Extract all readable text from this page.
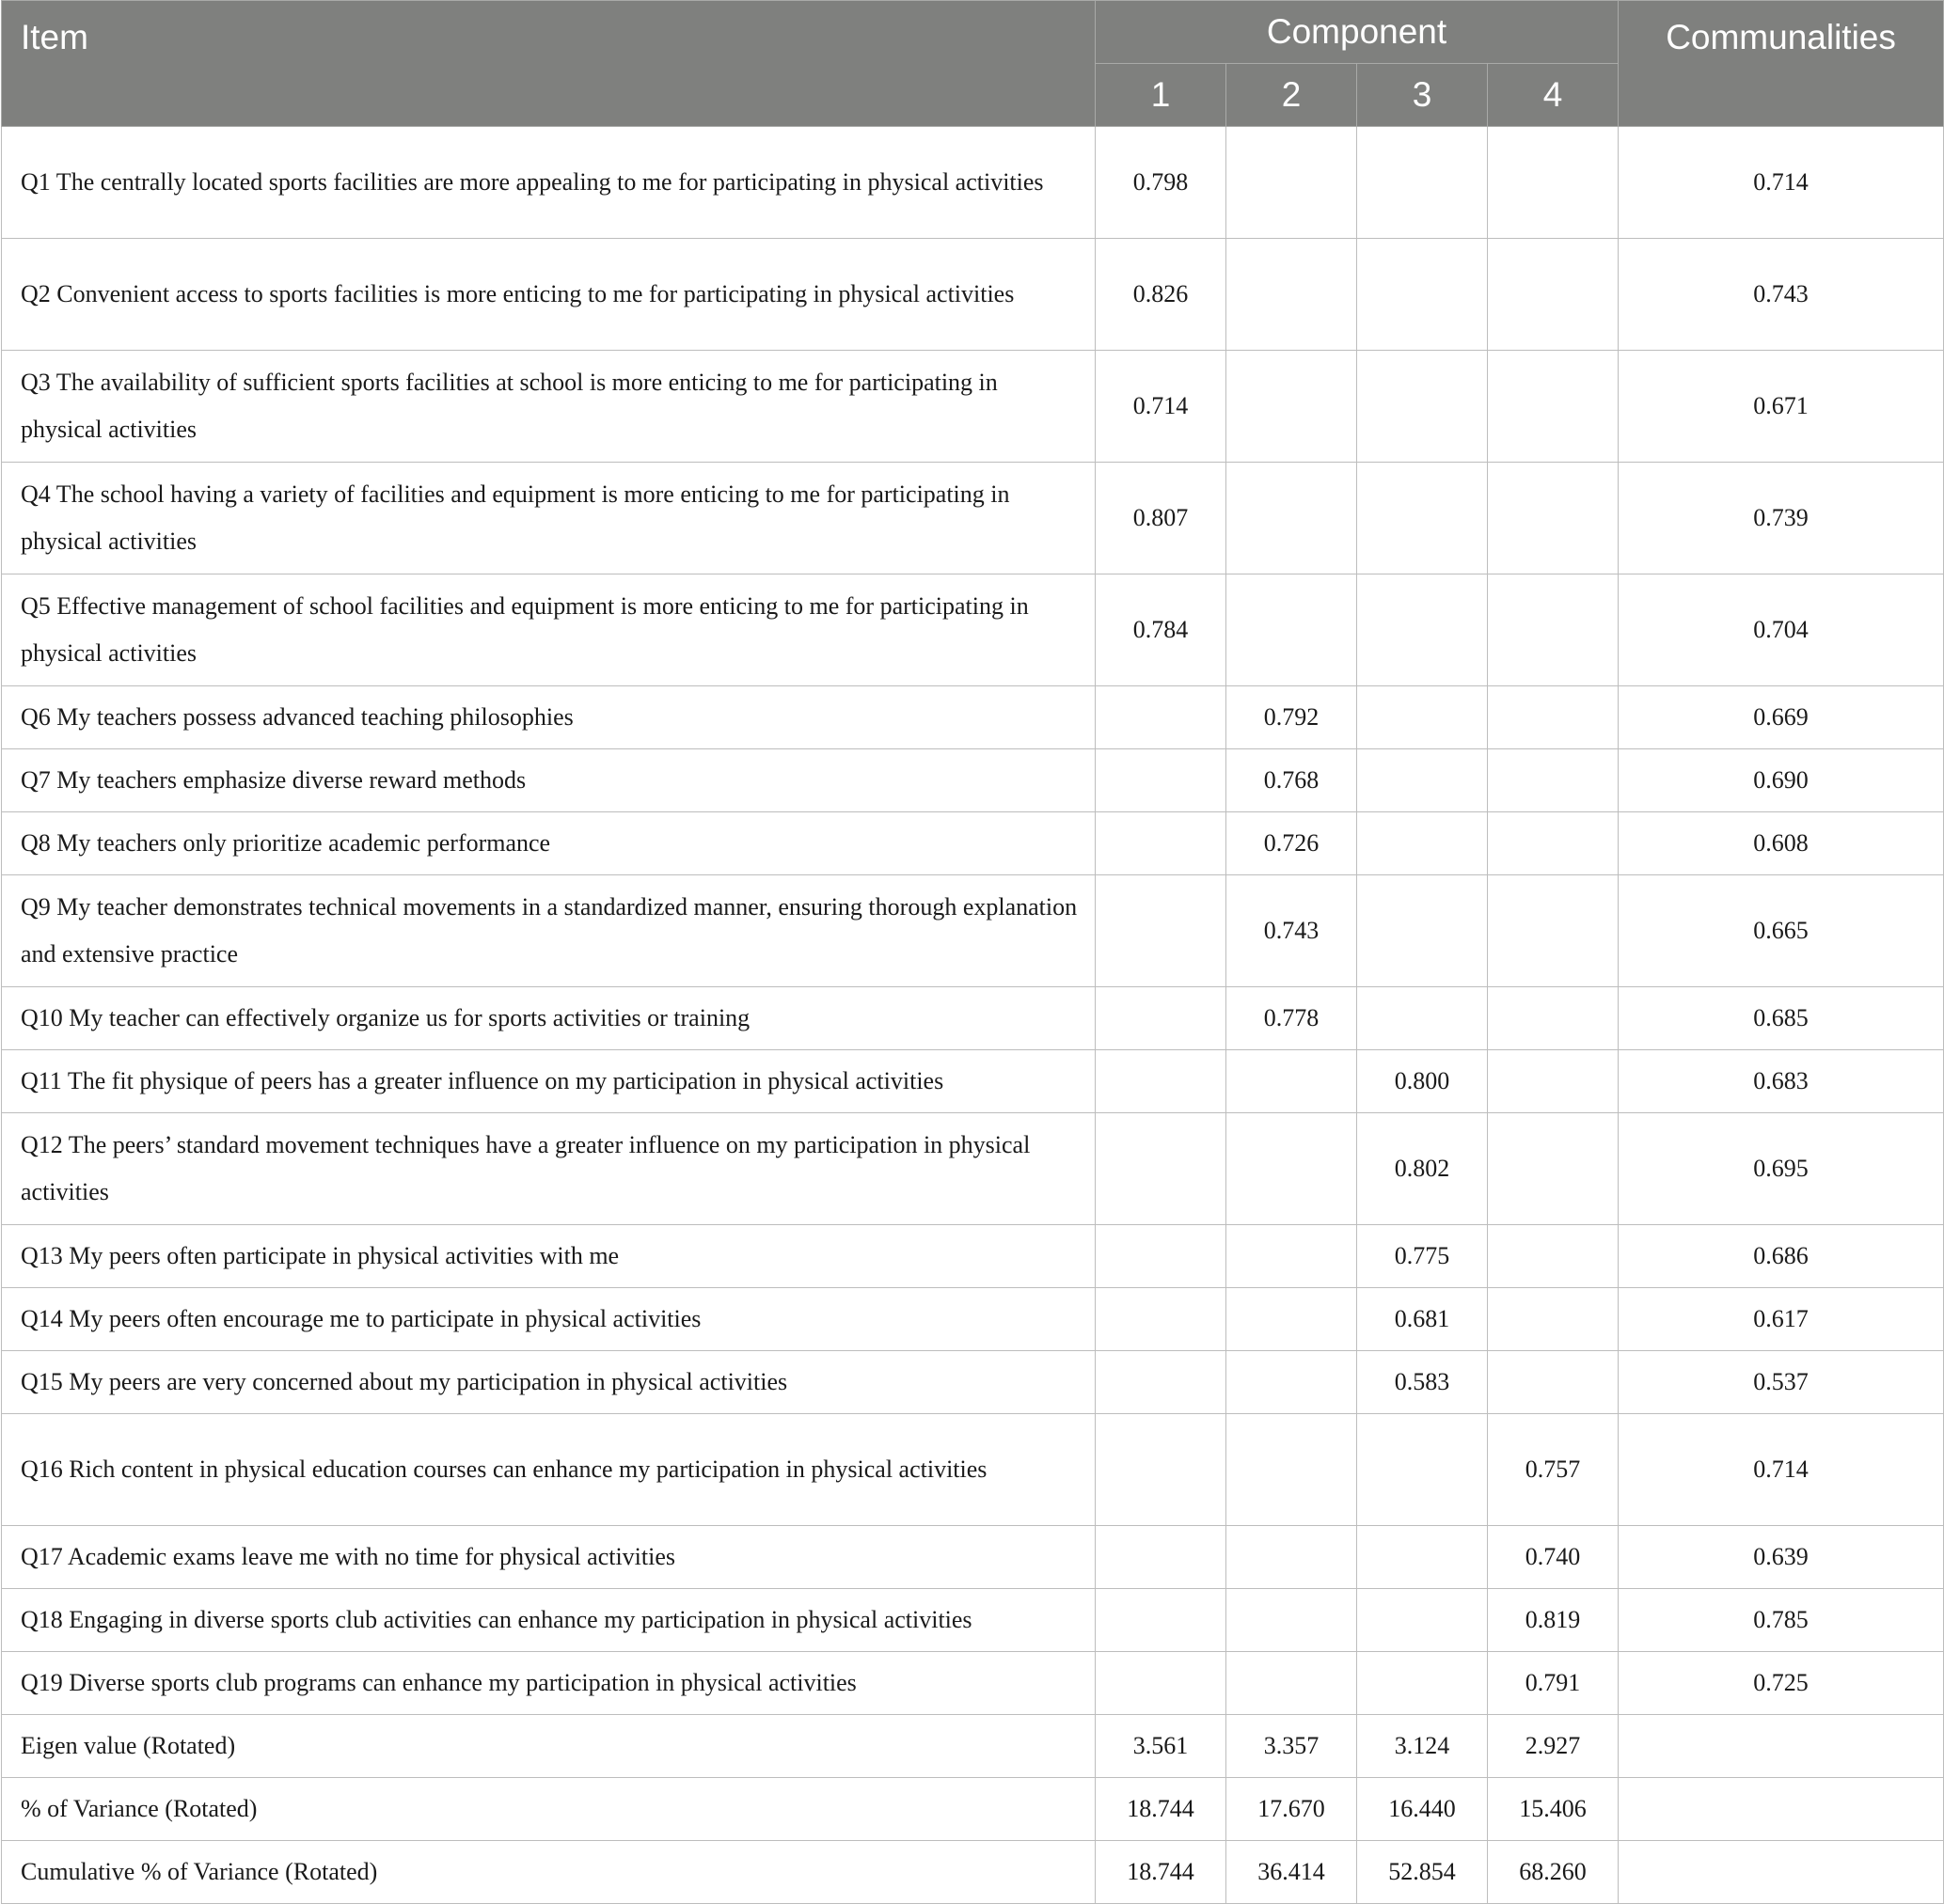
Item	Component				Communalities
	1	2	3	4	
Q1 The centrally located sports facilities are more appealing to me for participating in physical activities	0.798				0.714
Q2 Convenient access to sports facilities is more enticing to me for participating in physical activities	0.826				0.743
Q3 The availability of sufficient sports facilities at school is more enticing to me for participating in physical activities	0.714				0.671
Q4 The school having a variety of facilities and equipment is more enticing to me for participating in physical activities	0.807				0.739
Q5 Effective management of school facilities and equipment is more enticing to me for participating in physical activities	0.784				0.704
Q6 My teachers possess advanced teaching philosophies		0.792			0.669
Q7 My teachers emphasize diverse reward methods		0.768			0.690
Q8 My teachers only prioritize academic performance		0.726			0.608
Q9 My teacher demonstrates technical movements in a standardized manner, ensuring thorough explanation and extensive practice		0.743			0.665
Q10 My teacher can effectively organize us for sports activities or training		0.778			0.685
Q11 The fit physique of peers has a greater influence on my participation in physical activities			0.800		0.683
Q12 The peers’ standard movement techniques have a greater influence on my participation in physical activities			0.802		0.695
Q13 My peers often participate in physical activities with me			0.775		0.686
Q14 My peers often encourage me to participate in physical activities			0.681		0.617
Q15 My peers are very concerned about my participation in physical activities			0.583		0.537
Q16 Rich content in physical education courses can enhance my participation in physical activities				0.757	0.714
Q17 Academic exams leave me with no time for physical activities				0.740	0.639
Q18 Engaging in diverse sports club activities can enhance my participation in physical activities				0.819	0.785
Q19 Diverse sports club programs can enhance my participation in physical activities				0.791	0.725
Eigen value (Rotated)	3.561	3.357	3.124	2.927	
% of Variance (Rotated)	18.744	17.670	16.440	15.406	
Cumulative % of Variance (Rotated)	18.744	36.414	52.854	68.260	
